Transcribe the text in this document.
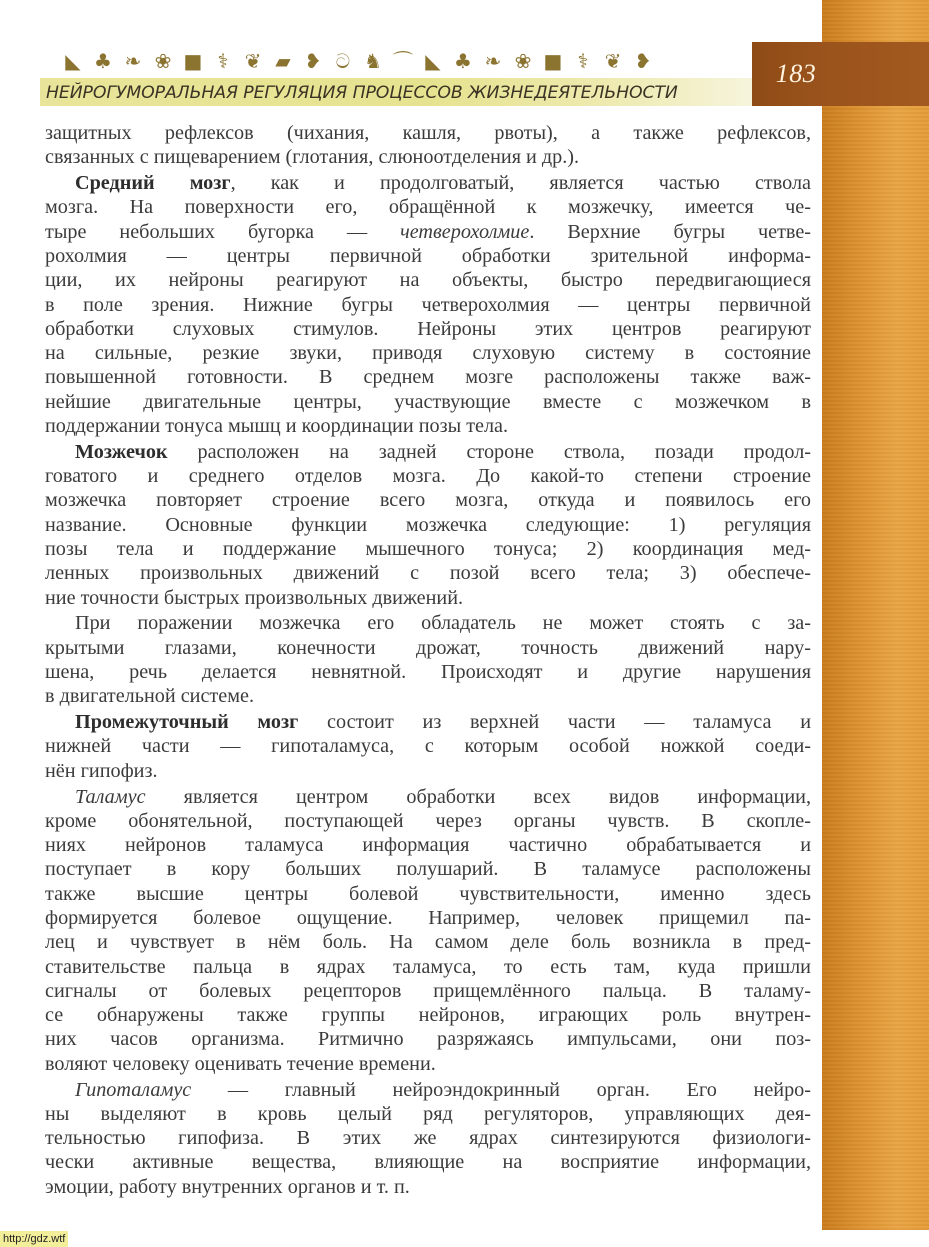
183
◣ ♣ ❧ ❀ ■ ⚕ ❦ ▰ ❥ ට ♞ ⌒ ◣ ♣ ❧ ❀ ■ ⚕ ❦ ❥
НЕЙРОГУМОРАЛЬНАЯ РЕГУЛЯЦИЯ ПРОЦЕССОВ ЖИЗНЕДЕЯТЕЛЬНОСТИ
защитных рефлексов (чихания, кашля, рвоты), а также рефлексов,
связанных с пищеварением (глотания, слюноотделения и др.).
Средний мозг, как и продолговатый, является частью ствола
мозга. На поверхности его, обращённой к мозжечку, имеется че-
тыре небольших бугорка — четверохолмие. Верхние бугры четве-
рохолмия — центры первичной обработки зрительной информа-
ции, их нейроны реагируют на объекты, быстро передвигающиеся
в поле зрения. Нижние бугры четверохолмия — центры первичной
обработки слуховых стимулов. Нейроны этих центров реагируют
на сильные, резкие звуки, приводя слуховую систему в состояние
повышенной готовности. В среднем мозге расположены также важ-
нейшие двигательные центры, участвующие вместе с мозжечком в
поддержании тонуса мышц и координации позы тела.
Мозжечок расположен на задней стороне ствола, позади продол-
говатого и среднего отделов мозга. До какой-то степени строение
мозжечка повторяет строение всего мозга, откуда и появилось его
название. Основные функции мозжечка следующие: 1) регуляция
позы тела и поддержание мышечного тонуса; 2) координация мед-
ленных произвольных движений с позой всего тела; 3) обеспече-
ние точности быстрых произвольных движений.
При поражении мозжечка его обладатель не может стоять с за-
крытыми глазами, конечности дрожат, точность движений нару-
шена, речь делается невнятной. Происходят и другие нарушения
в двигательной системе.
Промежуточный мозг состоит из верхней части — таламуса и
нижней части — гипоталамуса, с которым особой ножкой соеди-
нён гипофиз.
Таламус является центром обработки всех видов информации,
кроме обонятельной, поступающей через органы чувств. В скопле-
ниях нейронов таламуса информация частично обрабатывается и
поступает в кору больших полушарий. В таламусе расположены
также высшие центры болевой чувствительности, именно здесь
формируется болевое ощущение. Например, человек прищемил па-
лец и чувствует в нём боль. На самом деле боль возникла в пред-
ставительстве пальца в ядрах таламуса, то есть там, куда пришли
сигналы от болевых рецепторов прищемлённого пальца. В таламу-
се обнаружены также группы нейронов, играющих роль внутрен-
них часов организма. Ритмично разряжаясь импульсами, они поз-
воляют человеку оценивать течение времени.
Гипоталамус — главный нейроэндокринный орган. Его нейро-
ны выделяют в кровь целый ряд регуляторов, управляющих дея-
тельностью гипофиза. В этих же ядрах синтезируются физиологи-
чески активные вещества, влияющие на восприятие информации,
эмоции, работу внутренних органов и т. п.
http://gdz.wtf
